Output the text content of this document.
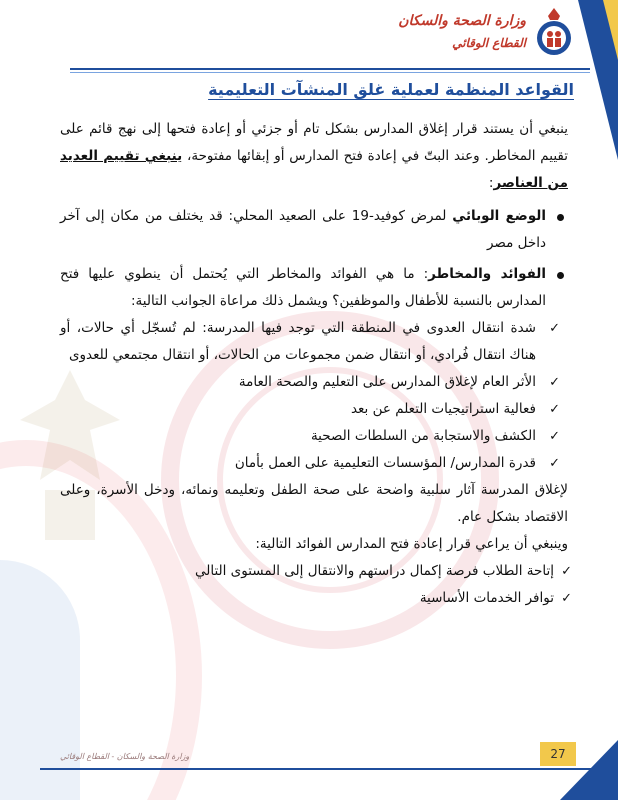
وزارة الصحة والسكان
القطاع الوقائي
القواعد المنظمة لعملية غلق المنشآت التعليمية

ينبغي أن يستند قرار إغلاق المدارس بشكل تام أو جزئي أو إعادة فتحها إلى نهج قائم على تقييم المخاطر. وعند البتّ في إعادة فتح المدارس أو إبقائها مفتوحة، ينبغي تقييم العديد من العناصر:

الوضع الوبائي لمرض كوفيد-19 على الصعيد المحلي: قد يختلف من مكان إلى آخر داخل مصر
الفوائد والمخاطر: ما هي الفوائد والمخاطر التي يُحتمل أن ينطوي عليها فتح المدارس بالنسبة للأطفال والموظفين؟ ويشمل ذلك مراعاة الجوانب التالية:
✓
شدة انتقال العدوى في المنطقة التي توجد فيها المدرسة: لم تُسجّل أي حالات، أو هناك انتقال فُرادي، أو انتقال ضمن مجموعات من الحالات، أو انتقال مجتمعي للعدوى
✓
الأثر العام لإغلاق المدارس على التعليم والصحة العامة
✓
فعالية استراتيجيات التعلم عن بعد
✓
الكشف والاستجابة من السلطات الصحية
✓
قدرة المدارس/ المؤسسات التعليمية على العمل بأمان

لإغلاق المدرسة آثار سلبية واضحة على صحة الطفل وتعليمه ونمائه، ودخل الأسرة، وعلى الاقتصاد بشكل عام.

وينبغي أن يراعي قرار إعادة فتح المدارس الفوائد التالية:

✓
إتاحة الطلاب فرصة إكمال دراستهم والانتقال إلى المستوى التالي
✓
توافر الخدمات الأساسية
وزارة الصحة والسكان - القطاع الوقائي	27
